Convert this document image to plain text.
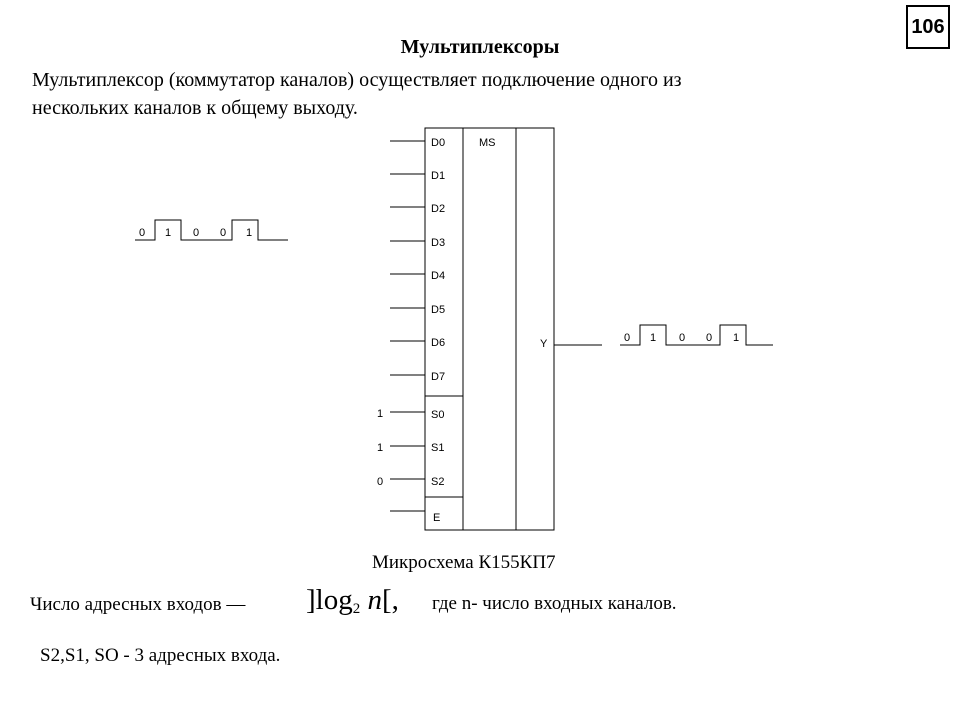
106
Мультиплексоры
Мультиплексор (коммутатор каналов) осуществляет подключение одного из
нескольких каналов к общему выходу.
D0
D1
D2
D3
D4
D5
D6
D7
S0
S1
S2
E
MS
Y
1
1
0
0 1 0 0 1
0 1 0 0 1
Микросхема К155КП7
Число адресных входов — ]$\log_2$ n[, где n- число входных каналов.
S2,S1, SO - 3 адресных входа.
